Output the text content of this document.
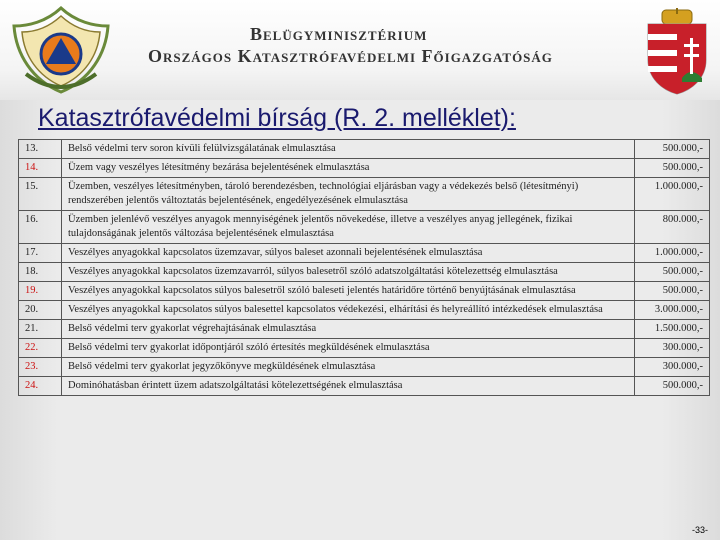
Belügyminisztérium
Országos Katasztrófavédelmi Főigazgatóság
Katasztrófavédelmi bírság (R. 2. melléklet):
13.	Belső védelmi terv soron kívüli felülvizsgálatának elmulasztása	500.000,-
14.	Üzem vagy veszélyes létesítmény bezárása bejelentésének elmulasztása	500.000,-
15.	Üzemben, veszélyes létesítményben, tároló berendezésben, technológiai eljárásban vagy a védekezés belső (létesítményi) rendszerében jelentős változtatás bejelentésének, engedélyezésének elmulasztása	1.000.000,-
16.	Üzemben jelenlévő veszélyes anyagok mennyiségének jelentős növekedése, illetve a veszélyes anyag jellegének, fizikai tulajdonságának jelentős változása bejelentésének elmulasztása	800.000,-
17.	Veszélyes anyagokkal kapcsolatos üzemzavar, súlyos baleset azonnali bejelentésének elmulasztása	1.000.000,-
18.	Veszélyes anyagokkal kapcsolatos üzemzavarról, súlyos balesetről szóló adatszolgáltatási kötelezettség elmulasztása	500.000,-
19.	Veszélyes anyagokkal kapcsolatos súlyos balesetről szóló baleseti jelentés határidőre történő benyújtásának elmulasztása	500.000,-
20.	Veszélyes anyagokkal kapcsolatos súlyos balesettel kapcsolatos védekezési, elhárítási és helyreállító intézkedések elmulasztása	3.000.000,-
21.	Belső védelmi terv gyakorlat végrehajtásának elmulasztása	1.500.000,-
22.	Belső védelmi terv gyakorlat időpontjáról szóló értesítés megküldésének elmulasztása	300.000,-
23.	Belső védelmi terv gyakorlat jegyzőkönyve megküldésének elmulasztása	300.000,-
24.	Dominóhatásban érintett üzem adatszolgáltatási kötelezettségének elmulasztása	500.000,-
-33-
